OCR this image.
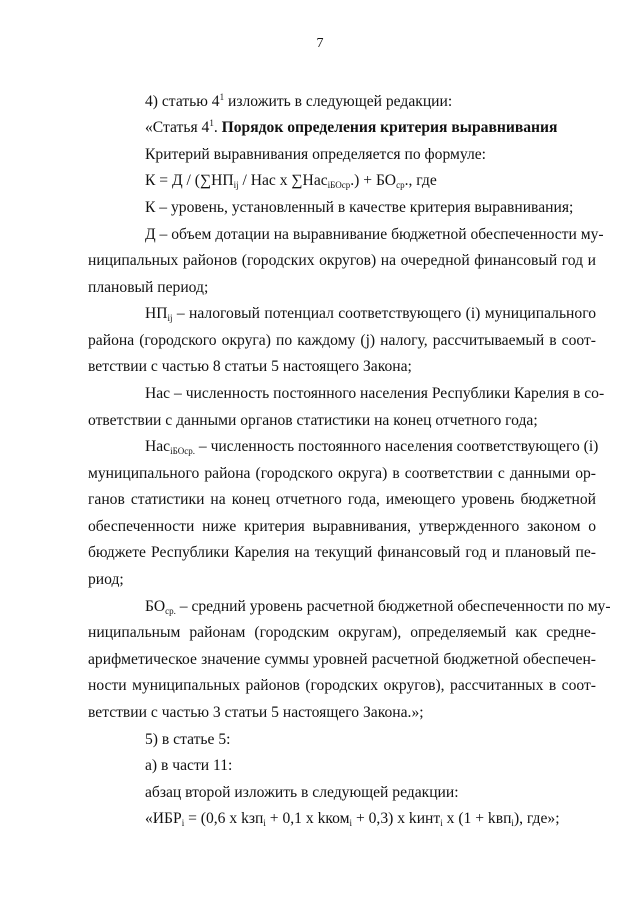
7
4) статью $4^1$ изложить в следующей редакции:
«Статья $4^1$. Порядок определения критерия выравнивания
Критерий выравнивания определяется по формуле:
$К = Д / (\sum НП_{ij}$ / Нас х $\sum Нас_{iБОср}.) + БО_{ср}$., где
К – уровень, установленный в качестве критерия выравнивания;
Д – объем дотации на выравнивание бюджетной обеспеченности му-
ниципальных районов (городских округов) на очередной финансовый год и
плановый период;
$НП_{ij}$ – налоговый потенциал соответствующего (i) муниципального
района (городского округа) по каждому (j) налогу, рассчитываемый в соот-
ветствии с частью 8 статьи 5 настоящего Закона;
Нас – численность постоянного населения Республики Карелия в со-
ответствии с данными органов статистики на конец отчетного года;
Нас$_{iБОср.}$ – численность постоянного населения соответствующего (i)
муниципального района (городского округа) в соответствии с данными ор-
ганов статистики на конец отчетного года, имеющего уровень бюджетной
обеспеченности ниже критерия выравнивания, утвержденного законом о
бюджете Республики Карелия на текущий финансовый год и плановый пе-
риод;
$БО_{ср.}$ – средний уровень расчетной бюджетной обеспеченности по му-
ниципальным районам (городским округам), определяемый как средне-
арифметическое значение суммы уровней расчетной бюджетной обеспечен-
ности муниципальных районов (городских округов), рассчитанных в соот-
ветствии с частью 3 статьи 5 настоящего Закона.»;
5) в статье 5:
а) в части 11:
абзац второй изложить в следующей редакции:
«$ИБР_i = (0,6$ х kзп$_i$ + 0,1 х kком$_i$ + 0,3) х kинт$_i$ х (1 + kвп$_i$), где»;
